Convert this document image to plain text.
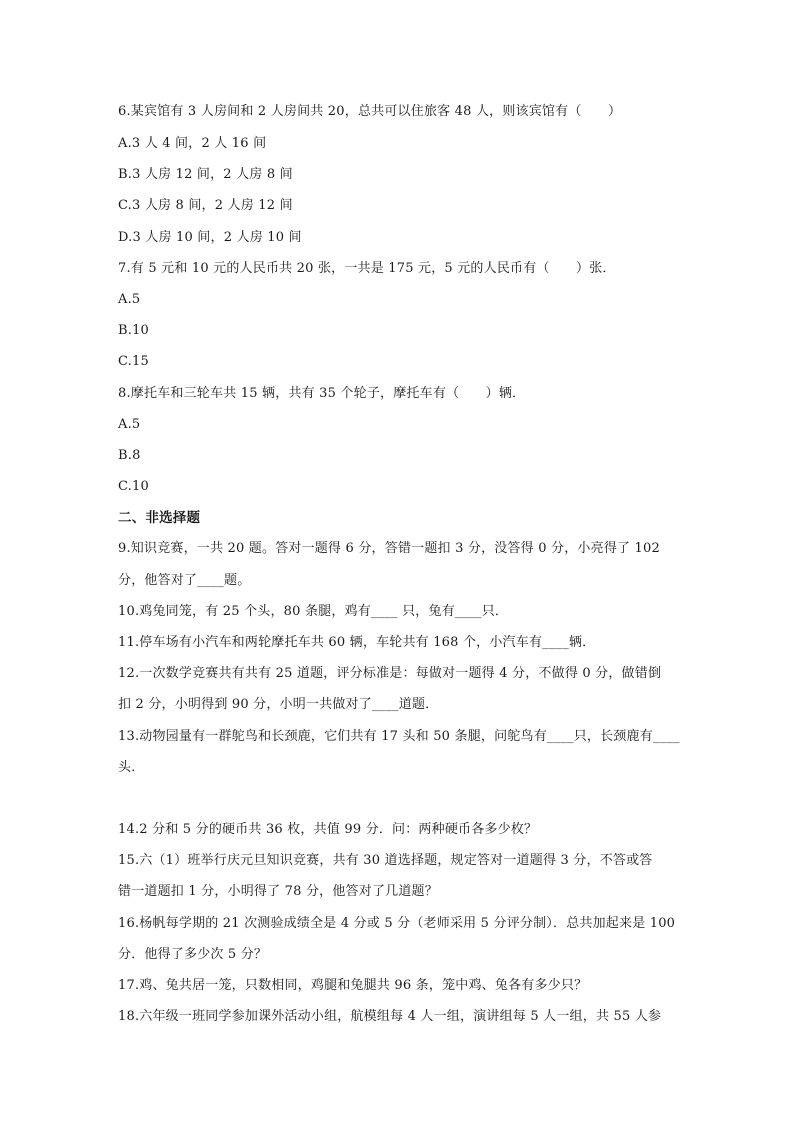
6.某宾馆有 3 人房间和 2 人房间共 20，总共可以住旅客 48 人，则该宾馆有（　　）
A.3 人 4 间，2 人 16 间
B.3 人房 12 间，2 人房 8 间
C.3 人房 8 间，2 人房 12 间
D.3 人房 10 间，2 人房 10 间
7.有 5 元和 10 元的人民币共 20 张，一共是 175 元，5 元的人民币有（　　）张．
A.5
B.10
C.15
8.摩托车和三轮车共 15 辆，共有 35 个轮子，摩托车有（　　）辆．
A.5
B.8
C.10
二、非选择题
9.知识竞赛，一共 20 题。答对一题得 6 分，答错一题扣 3 分，没答得 0 分，小亮得了 102
分，他答对了____题。
10.鸡兔同笼，有 25 个头，80 条腿，鸡有____ 只，兔有____只．
11.停车场有小汽车和两轮摩托车共 60 辆，车轮共有 168 个，小汽车有____辆．
12.一次数学竞赛共有共有 25 道题，评分标准是：每做对一题得 4 分，不做得 0 分，做错倒
扣 2 分，小明得到 90 分，小明一共做对了____道题．
13.动物园量有一群鸵鸟和长颈鹿，它们共有 17 头和 50 条腿，问鸵鸟有____只，长颈鹿有____
头．
14.2 分和 5 分的硬币共 36 枚，共值 99 分．问：两种硬币各多少枚？
15.六（1）班举行庆元旦知识竞赛，共有 30 道选择题，规定答对一道题得 3 分，不答或答
错一道题扣 1 分，小明得了 78 分，他答对了几道题？
16.杨帆每学期的 21 次测验成绩全是 4 分或 5 分（老师采用 5 分评分制）．总共加起来是 100
分．他得了多少次 5 分？
17.鸡、兔共居一笼，只数相同，鸡腿和兔腿共 96 条，笼中鸡、兔各有多少只？
18.六年级一班同学参加课外活动小组，航模组每 4 人一组，演讲组每 5 人一组，共 55 人参
